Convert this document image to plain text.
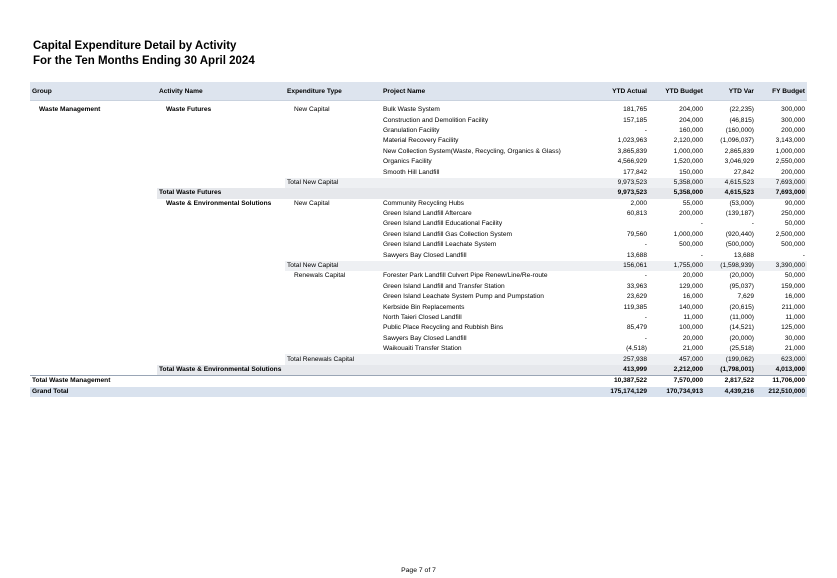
Capital Expenditure Detail by Activity
For the Ten Months Ending 30 April 2024
Group	Activity Name	Expenditure Type	Project Name	YTD Actual	YTD Budget	YTD Var	FY Budget

Waste Management	Waste Futures	New Capital	Bulk Waste System	181,765	204,000	(22,235)	300,000
			Construction and Demolition Facility	157,185	204,000	(46,815)	300,000
			Granulation Facility	-	160,000	(160,000)	200,000
			Material Recovery Facility	1,023,963	2,120,000	(1,096,037)	3,143,000
			New Collection System(Waste, Recycling, Organics & Glass)	3,865,839	1,000,000	2,865,839	1,000,000
			Organics Facility	4,566,929	1,520,000	3,046,929	2,550,000
			Smooth Hill Landfill	177,842	150,000	27,842	200,000
		Total New Capital		9,973,523	5,358,000	4,615,523	7,693,000
	Total Waste Futures			9,973,523	5,358,000	4,615,523	7,693,000
	Waste & Environmental Solutions	New Capital	Community Recycling Hubs	2,000	55,000	(53,000)	90,000
			Green Island Landfill Aftercare	60,813	200,000	(139,187)	250,000
			Green Island Landfill Educational Facility		-	-	50,000
			Green Island Landfill Gas Collection System	79,560	1,000,000	(920,440)	2,500,000
			Green Island Landfill Leachate System	-	500,000	(500,000)	500,000
			Sawyers Bay Closed Landfill	13,688	-	13,688	-
		Total New Capital		156,061	1,755,000	(1,598,939)	3,390,000
		Renewals Capital	Forester Park Landfill Culvert Pipe Renew/Line/Re-route	-	20,000	(20,000)	50,000
			Green Island Landfill and Transfer Station	33,963	129,000	(95,037)	159,000
			Green Island Leachate System Pump and Pumpstation	23,629	16,000	7,629	16,000
			Kerbside Bin Replacements	119,385	140,000	(20,615)	211,000
			North Taieri Closed Landfill	-	11,000	(11,000)	11,000
			Public Place Recycling and Rubbish Bins	85,479	100,000	(14,521)	125,000
			Sawyers Bay Closed Landfill	-	20,000	(20,000)	30,000
			Waikouaiti Transfer Station	(4,518)	21,000	(25,518)	21,000
		Total Renewals Capital		257,938	457,000	(199,062)	623,000
	Total Waste & Environmental Solutions			413,999	2,212,000	(1,798,001)	4,013,000
Total Waste Management				10,387,522	7,570,000	2,817,522	11,706,000
Grand Total				175,174,129	170,734,913	4,439,216	212,510,000
Page 7 of 7
